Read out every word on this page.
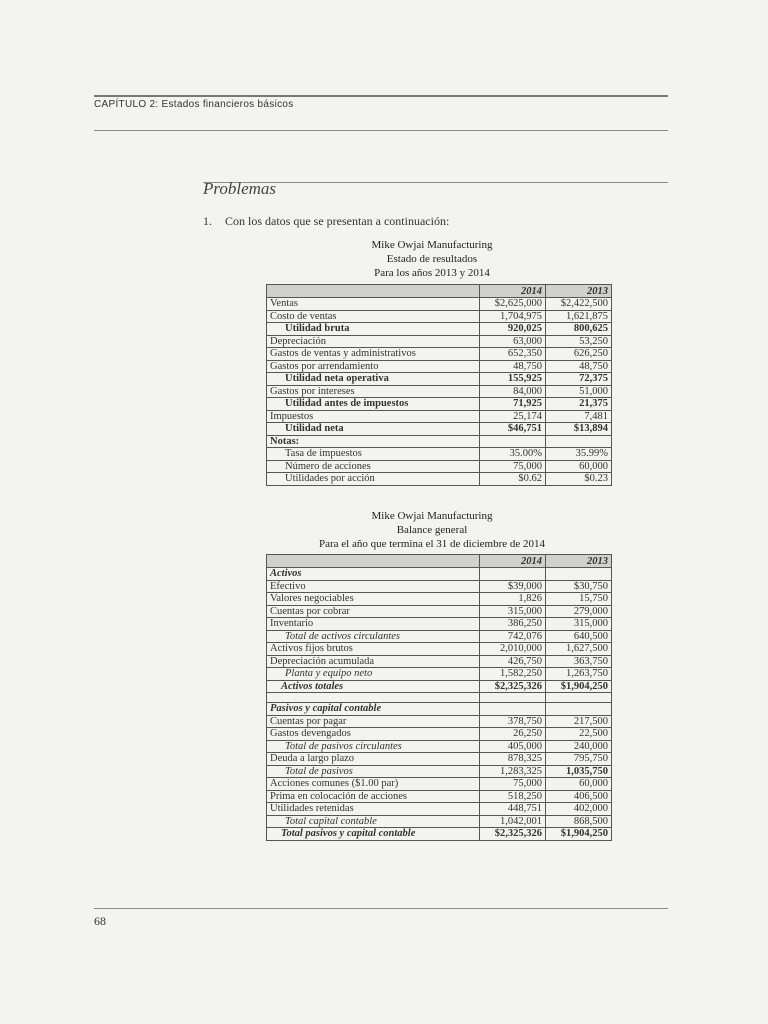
CAPÍTULO 2: Estados financieros básicos
Problemas
1. Con los datos que se presentan a continuación:
Mike Owjai Manufacturing
Estado de resultados
Para los años 2013 y 2014
	2014	2013
Ventas	$2,625,000	$2,422,500
Costo de ventas	1,704,975	1,621,875
Utilidad bruta	920,025	800,625
Depreciación	63,000	53,250
Gastos de ventas y administrativos	652,350	626,250
Gastos por arrendamiento	48,750	48,750
Utilidad neta operativa	155,925	72,375
Gastos por intereses	84,000	51,000
Utilidad antes de impuestos	71,925	21,375
Impuestos	25,174	7,481
Utilidad neta	$46,751	$13,894
Notas:		
Tasa de impuestos	35.00%	35.99%
Número de acciones	75,000	60,000
Utilidades por acción	$0.62	$0.23
Mike Owjai Manufacturing
Balance general
Para el año que termina el 31 de diciembre de 2014
	2014	2013
Activos		
Efectivo	$39,000	$30,750
Valores negociables	1,826	15,750
Cuentas por cobrar	315,000	279,000
Inventario	386,250	315,000
Total de activos circulantes	742,076	640,500
Activos fijos brutos	2,010,000	1,627,500
Depreciación acumulada	426,750	363,750
Planta y equipo neto	1,582,250	1,263,750
Activos totales	$2,325,326	$1,904,250

Pasivos y capital contable		
Cuentas por pagar	378,750	217,500
Gastos devengados	26,250	22,500
Total de pasivos circulantes	405,000	240,000
Deuda a largo plazo	878,325	795,750
Total de pasivos	1,283,325	1,035,750
Acciones comunes ($1.00 par)	75,000	60,000
Prima en colocación de acciones	518,250	406,500
Utilidades retenidas	448,751	402,000
Total capital contable	1,042,001	868,500
Total pasivos y capital contable	$2,325,326	$1,904,250
68
